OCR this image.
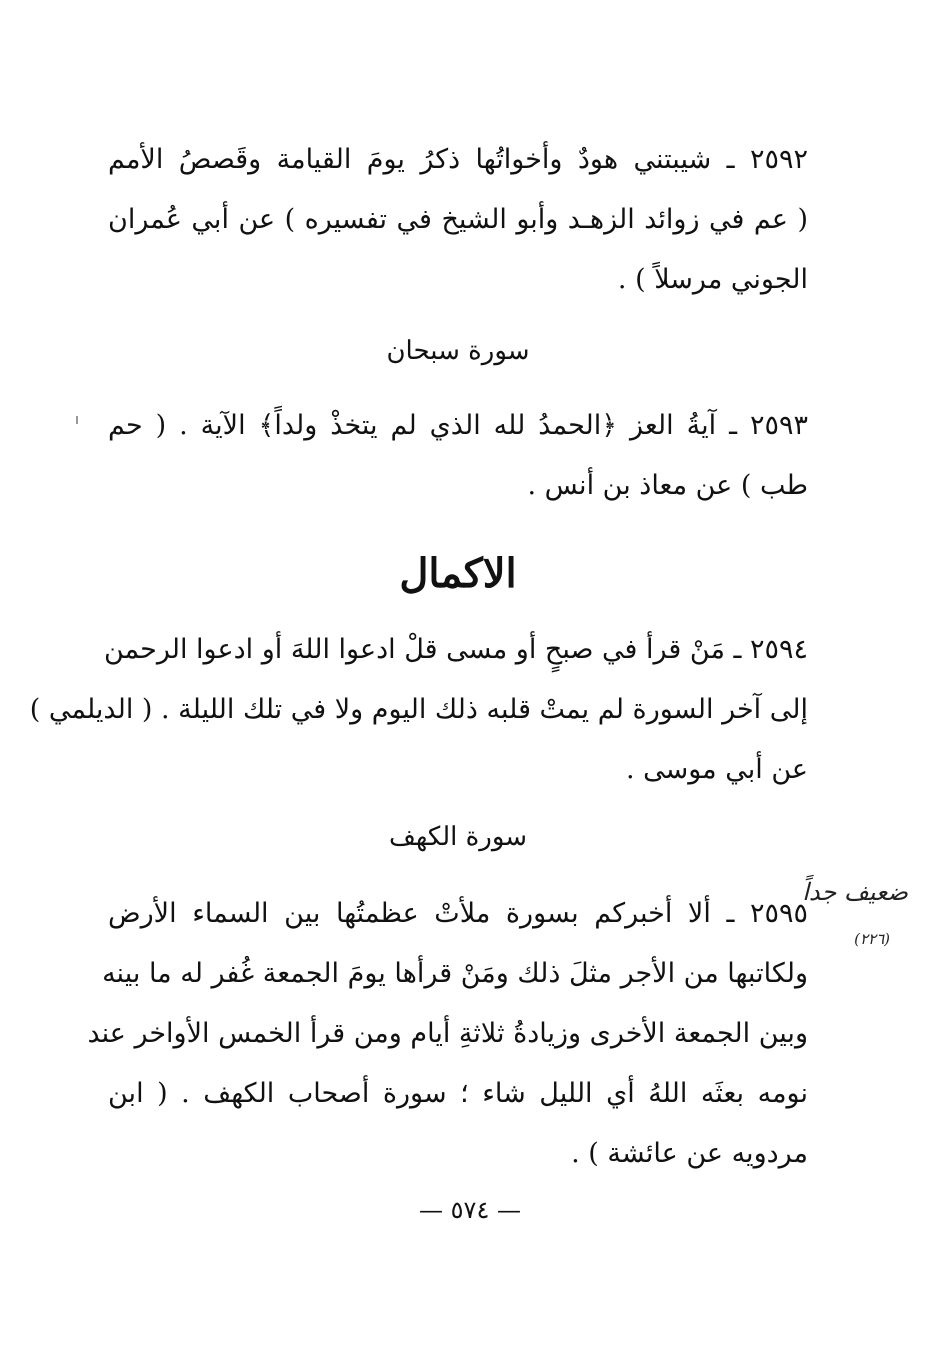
٢٥٩٢ ـ شيبتني هودٌ وأخواتُها ذكرُ يومَ القيامة وقَصصُ الأمم
( عم في زوائد الزهـد وأبو الشيخ في تفسيره ) عن أبي عُمران
الجوني مرسلاً ) .
سورة سبحان
٢٥٩٣ ـ آيةُ العز ﴿الحمدُ لله الذي لم يتخذْ ولداً﴾ الآية . ( حم
طب ) عن معاذ بن أنس .
الاكمال
٢٥٩٤ ـ مَنْ قرأ في صبحٍ أو مسى قلْ ادعوا اللهَ أو ادعوا الرحمن
إلى آخر السورة لم يمتْ قلبه ذلك اليوم ولا في تلك الليلة . ( الديلمي )
عن أبي موسى .
سورة الكهف
ضعيف جداً
(٢٢٦)
٢٥٩٥ ـ ألا أخبركم بسورة ملأتْ عظمتُها بين السماء الأرض
ولكاتبها من الأجر مثلَ ذلك ومَنْ قرأها يومَ الجمعة غُفر له ما بينه
وبين الجمعة الأخرى وزيادةُ ثلاثةِ أيام ومن قرأ الخمس الأواخر عند
نومه بعثَه اللهُ أي الليل شاء ؛ سورة أصحاب الكهف . ( ابن
مردويه عن عائشة ) .
— ٥٧٤ —
